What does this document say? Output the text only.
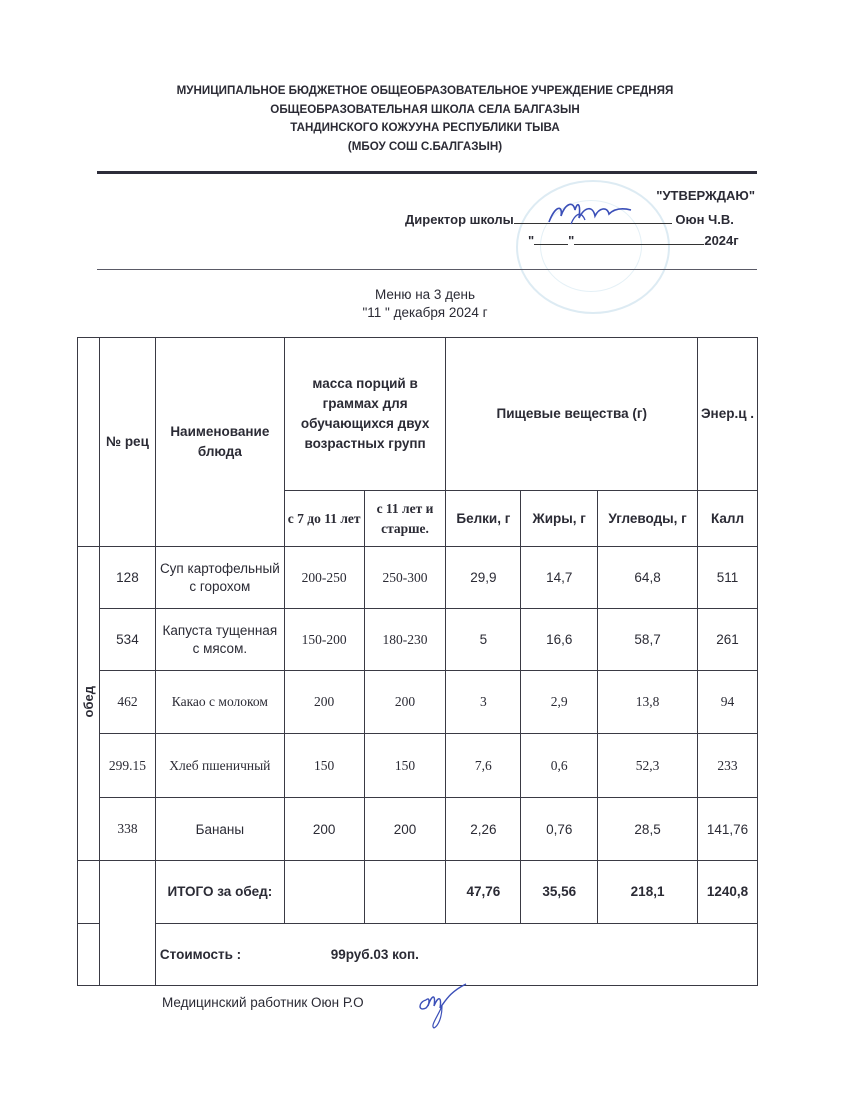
МУНИЦИПАЛЬНОЕ БЮДЖЕТНОЕ ОБЩЕОБРАЗОВАТЕЛЬНОЕ УЧРЕЖДЕНИЕ СРЕДНЯЯ
ОБЩЕОБРАЗОВАТЕЛЬНАЯ ШКОЛА СЕЛА БАЛГАЗЫН
ТАНДИНСКОГО КОЖУУНА РЕСПУБЛИКИ ТЫВА
(МБОУ СОШ С.БАЛГАЗЫН)
"УТВЕРЖДАЮ"
Директор школы	Оюн Ч.В.
"	"	2024г
Меню на 3 день
"11 " декабря 2024 г
	№ рец	Наименование блюда	масса порций в граммах для обучающихся двух возрастных групп		Пищевые вещества (г)			Энер.ц .
			с 7 до 11 лет	с 11 лет и старше.	Белки, г	Жиры, г	Углеводы, г	Калл
обед	128	Суп картофельный с горохом	200-250	250-300	29,9	14,7	64,8	511
	534	Капуста тущенная с мясом.	150-200	180-230	5	16,6	58,7	261
	462	Какао с молоком	200	200	3	2,9	13,8	94
	299.15	Хлеб пшеничный	150	150	7,6	0,6	52,3	233
	338	Бананы	200	200	2,26	0,76	28,5	141,76
		ИТОГО за обед:			47,76	35,56	218,1	1240,8
		Стоимость : 99руб.03 коп.						
Медицинский работник Оюн Р.О
